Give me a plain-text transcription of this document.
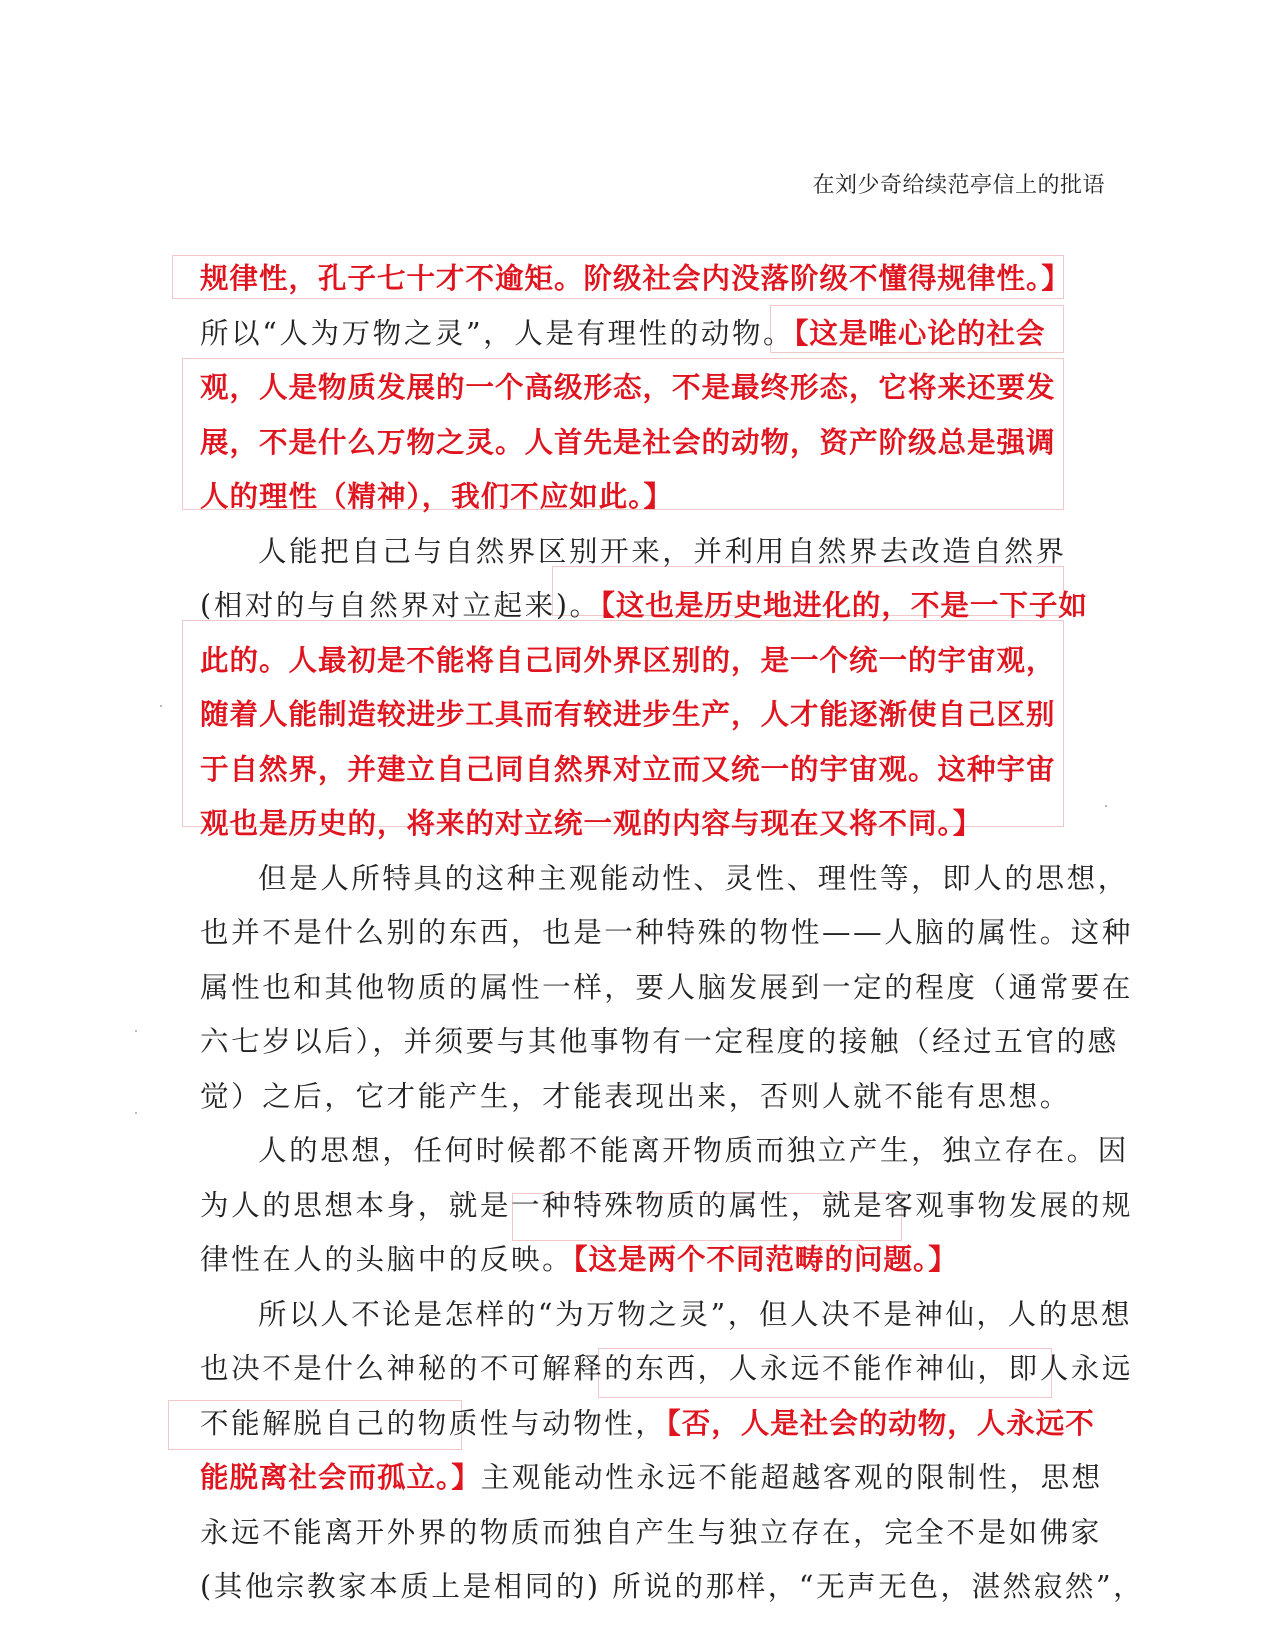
在刘少奇给续范亭信上的批语
规律性，孔子七十才不逾矩。阶级社会内没落阶级不懂得规律性。】
所以“人为万物之灵”，人是有理性的动物。【这是唯心论的社会
观，人是物质发展的一个高级形态，不是最终形态，它将来还要发
展，不是什么万物之灵。人首先是社会的动物，资产阶级总是强调
人的理性（精神），我们不应如此。】
人能把自己与自然界区别开来，并利用自然界去改造自然界
(相对的与自然界对立起来)。【这也是历史地进化的，不是一下子如
此的。人最初是不能将自己同外界区别的，是一个统一的宇宙观，
随着人能制造较进步工具而有较进步生产，人才能逐渐使自己区别
于自然界，并建立自己同自然界对立而又统一的宇宙观。这种宇宙
观也是历史的，将来的对立统一观的内容与现在又将不同。】
但是人所特具的这种主观能动性、灵性、理性等，即人的思想，
也并不是什么别的东西，也是一种特殊的物性——人脑的属性。这种
属性也和其他物质的属性一样，要人脑发展到一定的程度（通常要在
六七岁以后），并须要与其他事物有一定程度的接触（经过五官的感
觉）之后，它才能产生，才能表现出来，否则人就不能有思想。
人的思想，任何时候都不能离开物质而独立产生，独立存在。因
为人的思想本身，就是一种特殊物质的属性，就是客观事物发展的规
律性在人的头脑中的反映。【这是两个不同范畴的问题。】
所以人不论是怎样的“为万物之灵”，但人决不是神仙，人的思想
也决不是什么神秘的不可解释的东西，人永远不能作神仙，即人永远
不能解脱自己的物质性与动物性，【否，人是社会的动物，人永远不
能脱离社会而孤立。】主观能动性永远不能超越客观的限制性，思想
永远不能离开外界的物质而独自产生与独立存在，完全不是如佛家
(其他宗教家本质上是相同的) 所说的那样，“无声无色，湛然寂然”，
